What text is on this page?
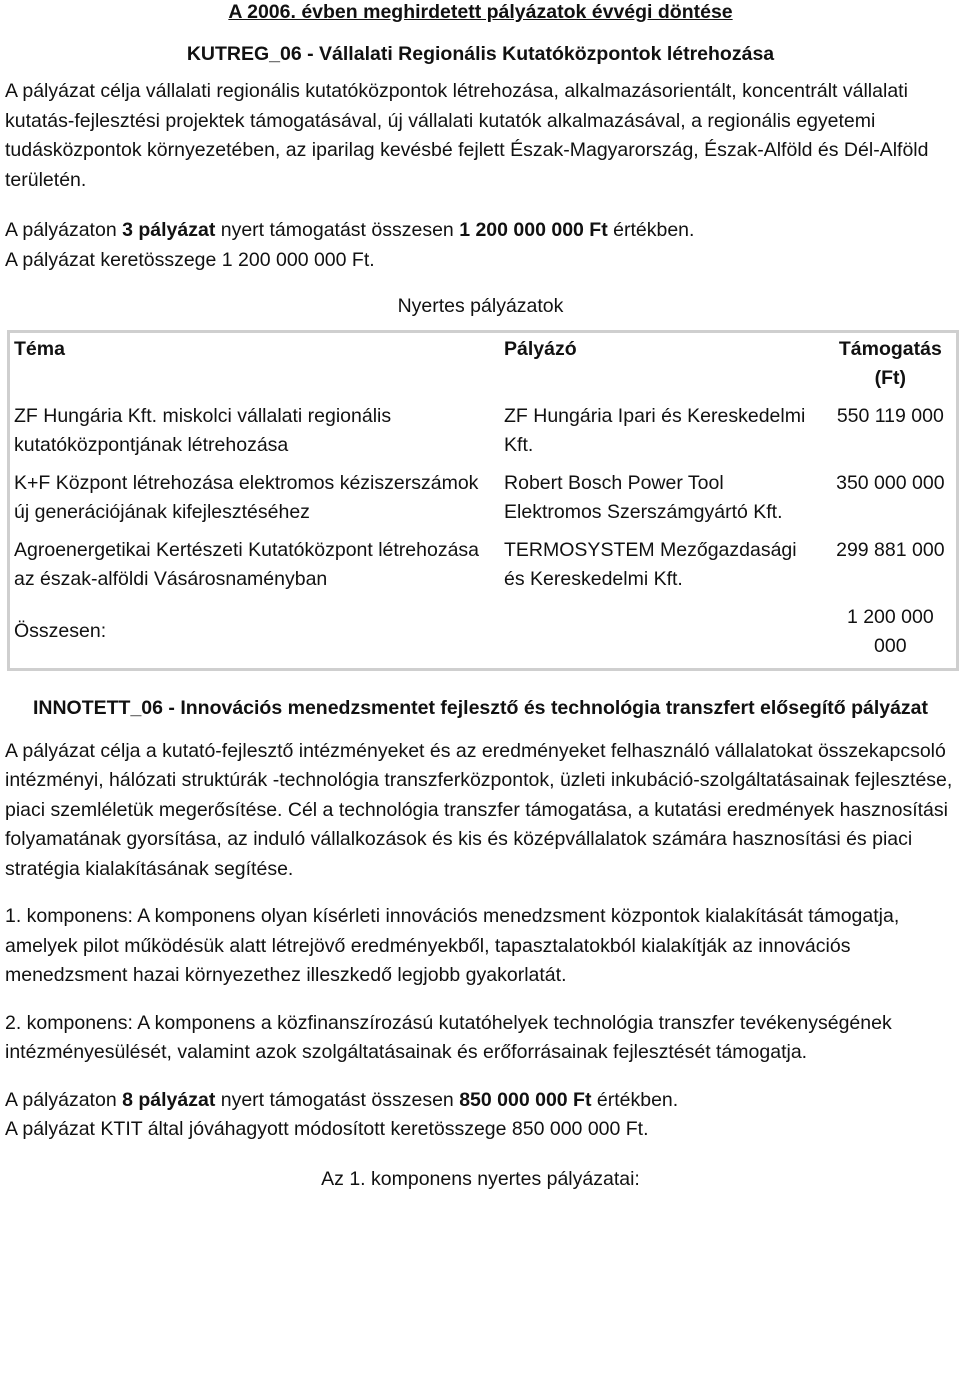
A 2006. évben meghirdetett pályázatok évvégi döntése

KUTREG_06 - Vállalati Regionális Kutatóközpontok létrehozása

A pályázat célja vállalati regionális kutatóközpontok létrehozása, alkalmazásorientált, koncentrált vállalati kutatás-fejlesztési projektek támogatásával, új vállalati kutatók alkalmazásával, a regionális egyetemi tudásközpontok környezetében, az iparilag kevésbé fejlett Észak-Magyarország, Észak-Alföld és Dél-Alföld területén.

A pályázaton 3 pályázat nyert támogatást összesen 1 200 000 000 Ft értékben.

A pályázat keretösszege 1 200 000 000 Ft.

Nyertes pályázatok

Téma	Pályázó	Támogatás (Ft)
ZF Hungária Kft. miskolci vállalati regionális kutatóközpontjának létrehozása	ZF Hungária Ipari és Kereskedelmi Kft.	550 119 000
K+F Központ létrehozása elektromos kéziszerszámok új generációjának kifejlesztéséhez	Robert Bosch Power Tool Elektromos Szerszámgyártó Kft.	350 000 000
Agroenergetikai Kertészeti Kutatóközpont létrehozása az észak-alföldi Vásárosnaményban	TERMOSYSTEM Mezőgazdasági és Kereskedelmi Kft.	299 881 000
Összesen:		1 200 000 000

INNOTETT_06 - Innovációs menedzsmentet fejlesztő és technológia transzfert elősegítő pályázat

A pályázat célja a kutató-fejlesztő intézményeket és az eredményeket felhasználó vállalatokat összekapcsoló intézményi, hálózati struktúrák -technológia transzferközpontok, üzleti inkubáció-szolgáltatásainak fejlesztése, piaci szemléletük megerősítése. Cél a technológia transzfer támogatása, a kutatási eredmények hasznosítási folyamatának gyorsítása, az induló vállalkozások és kis és középvállalatok számára hasznosítási és piaci stratégia kialakításának segítése.

1. komponens: A komponens olyan kísérleti innovációs menedzsment központok kialakítását támogatja, amelyek pilot működésük alatt létrejövő eredményekből, tapasztalatokból kialakítják az innovációs menedzsment hazai környezethez illeszkedő legjobb gyakorlatát.

2. komponens: A komponens a közfinanszírozású kutatóhelyek technológia transzfer tevékenységének intézményesülését, valamint azok szolgáltatásainak és erőforrásainak fejlesztését támogatja.

A pályázaton 8 pályázat nyert támogatást összesen 850 000 000 Ft értékben.

A pályázat KTIT által jóváhagyott módosított keretösszege 850 000 000 Ft.

Az 1. komponens nyertes pályázatai:
